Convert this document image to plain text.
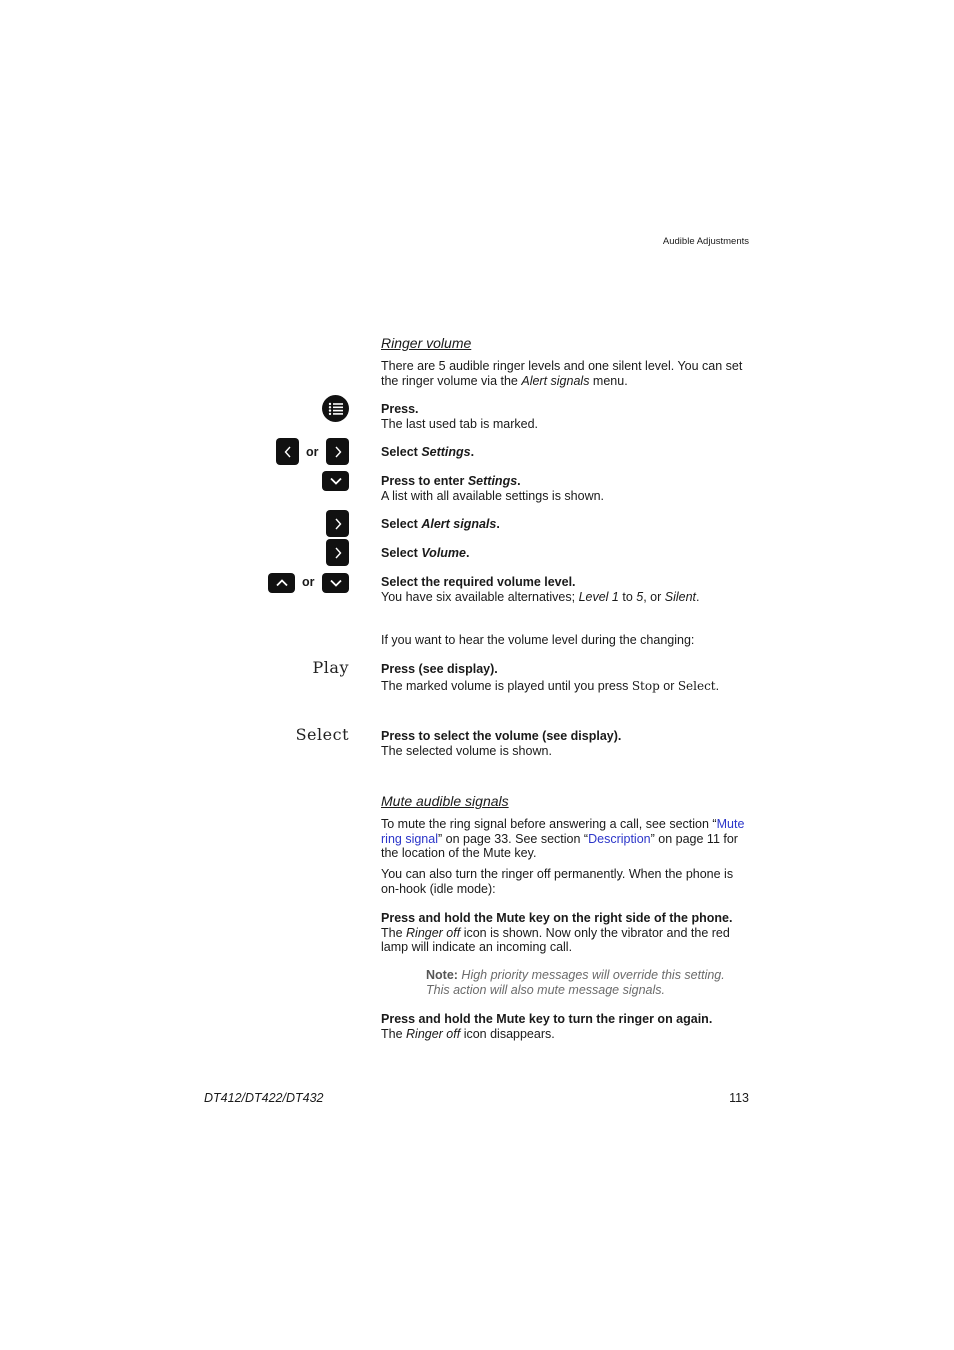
Audible Adjustments
Ringer volume
There are 5 audible ringer levels and one silent level. You can set the ringer volume via the Alert signals menu.
Press.
The last used tab is marked.
or	Select Settings.
Press to enter Settings.
A list with all available settings is shown.
Select Alert signals.
Select Volume.
or	Select the required volume level.
You have six available alternatives; Level 1 to 5, or Silent.
If you want to hear the volume level during the changing:
Play	Press (see display).
The marked volume is played until you press Stop or Select.
Select	Press to select the volume (see display).
The selected volume is shown.
Mute audible signals
To mute the ring signal before answering a call, see section “Mute ring signal” on page 33. See section “Description” on page 11 for the location of the Mute key.
You can also turn the ringer off permanently. When the phone is on-hook (idle mode):
Press and hold the Mute key on the right side of the phone.
The Ringer off icon is shown. Now only the vibrator and the red lamp will indicate an incoming call.
Note: High priority messages will override this setting. This action will also mute message signals.
Press and hold the Mute key to turn the ringer on again.
The Ringer off icon disappears.
DT412/DT422/DT432	113
